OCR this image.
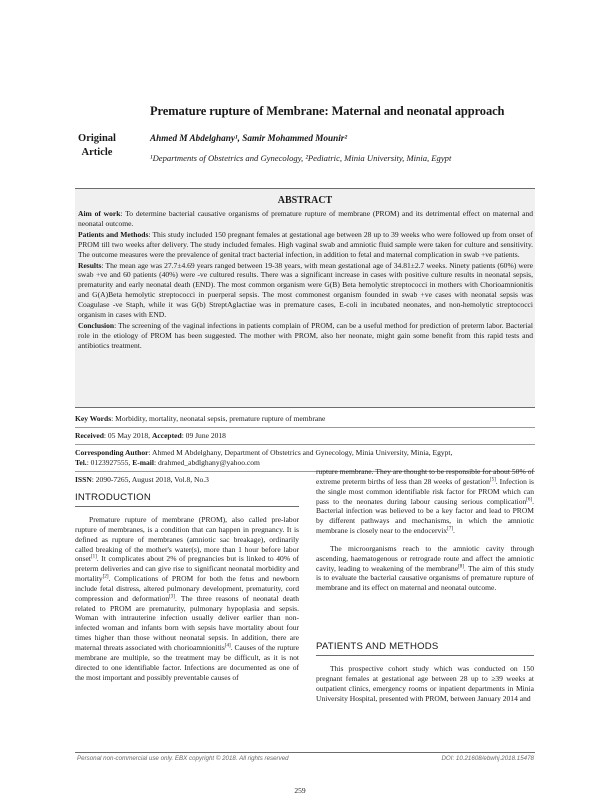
Premature rupture of Membrane: Maternal and neonatal approach
Original Article
Ahmed M Abdelghany¹, Samir Mohammed Mounir²
¹Departments of Obstetrics and Gynecology, ²Pediatric, Minia University, Minia, Egypt
ABSTRACT

Aim of work: To determine bacterial causative organisms of premature rupture of membrane (PROM) and its detrimental effect on maternal and neonatal outcome.

Patients and Methods: This study included 150 pregnant females at gestational age between 28 up to 39 weeks who were followed up from onset of PROM till two weeks after delivery. The study included females. High vaginal swab and amniotic fluid sample were taken for culture and sensitivity. The outcome measures were the prevalence of genital tract bacterial infection, in addition to fetal and maternal complication in swab +ve patients.

Results: The mean age was 27.7±4.69 years ranged between 19-38 years, with mean gestational age of 34.81±2.7 weeks. Ninety patients (60%) were swab +ve and 60 patients (40%) were -ve cultured results. There was a significant increase in cases with positive culture results in neonatal sepsis, prematurity and early neonatal death (END). The most common organism were G(B) Beta hemolytic streptococci in mothers with Chorioamnionitis and G(A)Beta hemolytic streptococci in puerperal sepsis. The most commonest organism founded in swab +ve cases with neonatal sepsis was Coagulase -ve Staph, while it was G(b) StreptAglactiae was in premature cases, E-coli in incubated neonates, and non-hemolytic streptococci organism in cases with END.

Conclusion: The screening of the vaginal infections in patients complain of PROM, can be a useful method for prediction of preterm labor. Bacterial role in the etiology of PROM has been suggested. The mother with PROM, also her neonate, might gain some benefit from this rapid tests and antibiotics treatment.

Key Words: Morbidity, mortality, neonatal sepsis, premature rupture of membrane
Received: 05 May 2018, Accepted: 09 June 2018
Corresponding Author: Ahmed M Abdelghany, Department of Obstetrics and Gynecology, Minia University, Minia, Egypt,
Tel.: 0123927555, E-mail: drahmed_abdlghany@yahoo.com
ISSN: 2090-7265, August 2018, Vol.8, No.3
INTRODUCTION

Premature rupture of membrane (PROM), also called pre-labor rupture of membranes, is a condition that can happen in pregnancy. It is defined as rupture of membranes (amniotic sac breakage), ordinarily called breaking of the mother's water(s), more than 1 hour before labor onset[1]. It complicates about 2% of pregnancies but is linked to 40% of preterm deliveries and can give rise to significant neonatal morbidity and mortality[2]. Complications of PROM for both the fetus and newborn include fetal distress, altered pulmonary development, prematurity, cord compression and deformation[3]. The three reasons of neonatal death related to PROM are prematurity, pulmonary hypoplasia and sepsis. Woman with intrauterine infection usually deliver earlier than non-infected woman and infants born with sepsis have mortality about four times higher than those without neonatal sepsis. In addition, there are maternal threats associated with chorioamnionitis[4]. Causes of the rupture membrane are multiple, so the treatment may be difficult, as it is not directed to one identifiable factor. Infections are documented as one of the most important and possibly preventable causes of

rupture membrane. They are thought to be responsible for about 50% of extreme preterm births of less than 28 weeks of gestation[5]. Infection is the single most common identifiable risk factor for PROM which can pass to the neonates during labour causing serious complication[6]. Bacterial infection was believed to be a key factor and lead to PROM by different pathways and mechanisms, in which the amniotic membrane is closely near to the endocervix[7].

The microorganisms reach to the amniotic cavity through ascending, haematogenous or retrograde route and affect the amniotic cavity, leading to weakening of the membrane[8]. The aim of this study is to evaluate the bacterial causative organisms of premature rupture of membrane and its effect on maternal and neonatal outcome.

PATIENTS AND METHODS

This prospective cohort study which was conducted on 150 pregnant females at gestational age between 28 up to ≥39 weeks at outpatient clinics, emergency rooms or inpatient departments in Minia University Hospital, presented with PROM, between January 2014 and

Personal non-commercial use only. EBX copyright © 2018. All rights reserved	DOI: 10.21608/ebwhj.2018.15478
259
